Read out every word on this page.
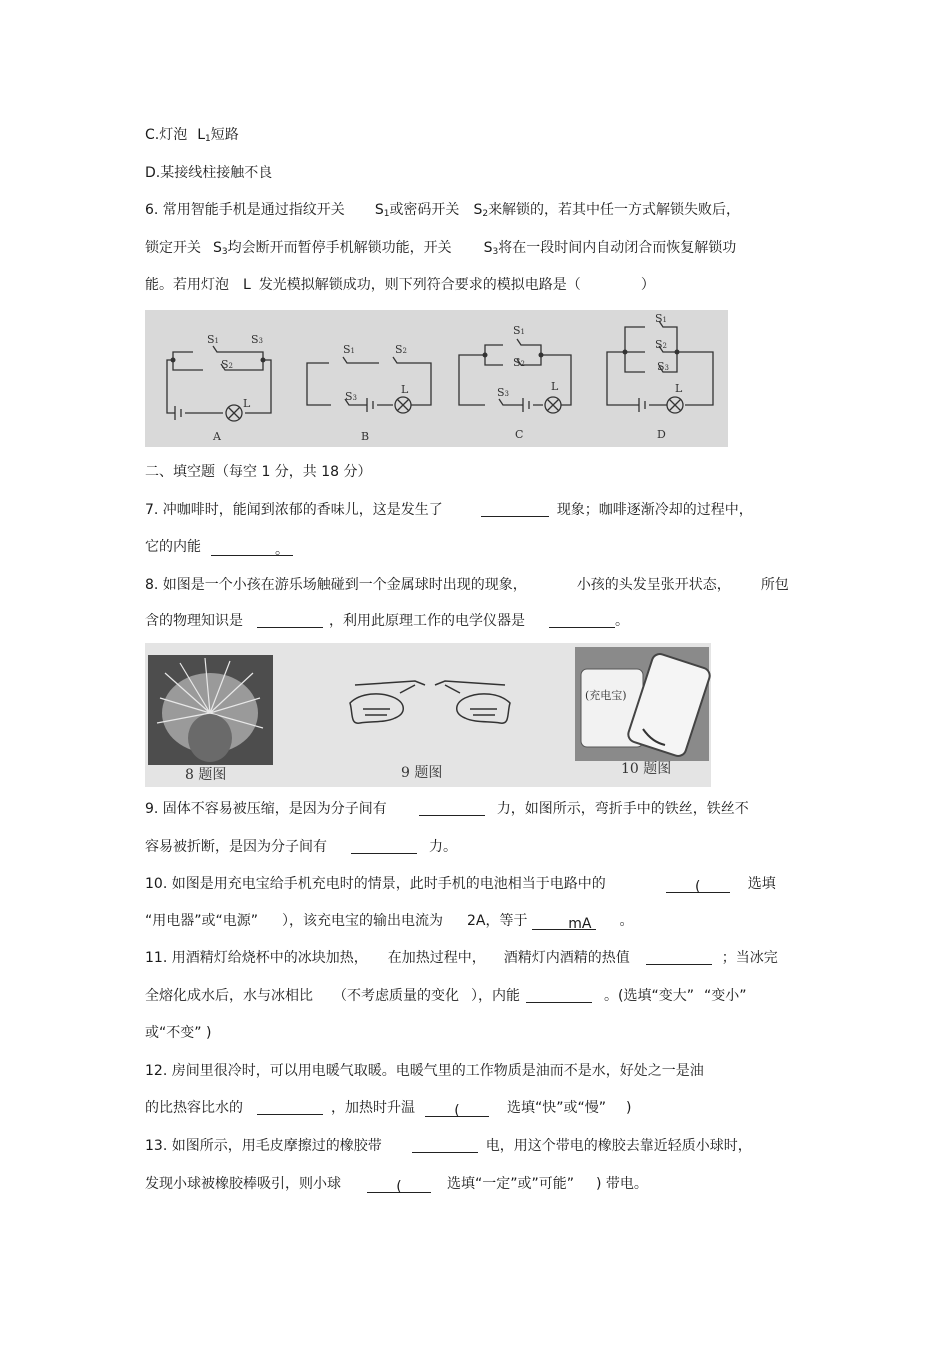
C.灯泡 $L_1$短路
D.某接线柱接触不良
6. 常用智能手机是通过指纹开关 $S_1$或密码开关 $S_2$来解锁的，若其中任一方式解锁失败后，
锁定开关 $S_3$均会断开而暂停手机解锁功能，开关 $S_3$将在一段时间内自动闭合而恢复解锁功
能。若用灯泡 L 发光模拟解锁成功，则下列符合要求的模拟电路是（	）
S1	S3
S2
L
S1	S2
S3
L
S1
S2
S3
L
S1
S2
S3
L
A	B	C	D
二、填空题（每空 1 分，共 18 分）
7. 冲咖啡时，能闻到浓郁的香味儿，这是发生了	现象；咖啡逐渐冷却的过程中，
它的内能	。
8. 如图是一个小孩在游乐场触碰到一个金属球时出现的现象，	小孩的头发呈张开状态， 所包
含的物理知识是	，利用此原理工作的电学仪器是	。
8 题图	9 题图
(充电宝)
10 题图
9. 固体不容易被压缩，是因为分子间有	力，如图所示，弯折手中的铁丝，铁丝不
容易被折断，是因为分子间有	力。
10. 如图是用充电宝给手机充电时的情景，此时手机的电池相当于电路中的	(	选填
“用电器”或“电源” ），该充电宝的输出电流为 2A，等于	mA 。
11. 用酒精灯给烧杯中的冰块加热， 在加热过程中， 酒精灯内酒精的热值	；当冰完
全熔化成水后，水与冰相比 （不考虑质量的变化 ），内能	。(选填“变大” “变小”
或“不变” )
12. 房间里很冷时，可以用电暖气取暖。电暖气里的工作物质是油而不是水，好处之一是油
的比热容比水的	，加热时升温	(	选填“快”或“慢” )
13. 如图所示，用毛皮摩擦过的橡胶带	电，用这个带电的橡胶去靠近轻质小球时，
发现小球被橡胶棒吸引，则小球	(	选填“一定”或”可能” ) 带电。
